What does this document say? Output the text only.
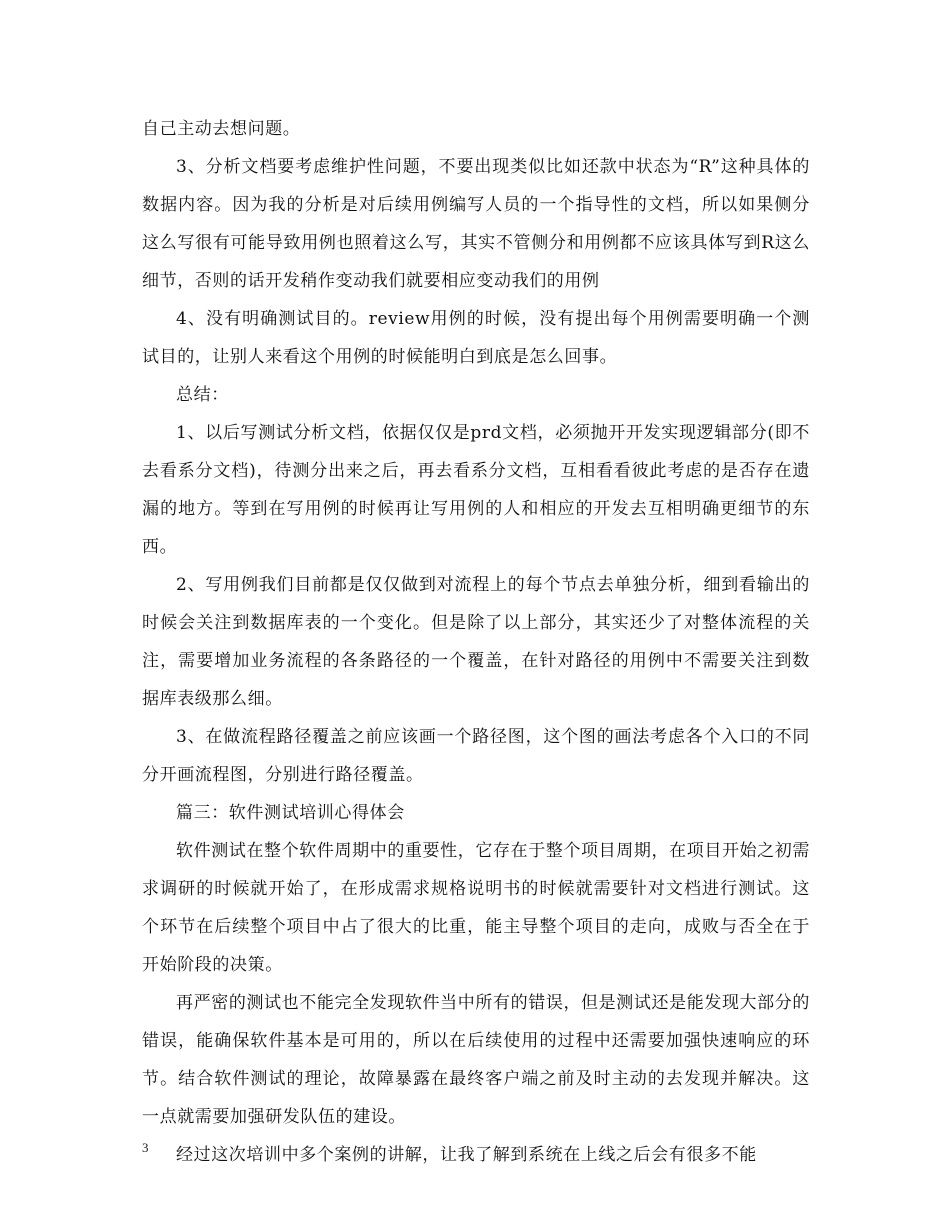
自己主动去想问题。

3、分析文档要考虑维护性问题，不要出现类似比如还款中状态为“R”这种具体的数据内容。因为我的分析是对后续用例编写人员的一个指导性的文档，所以如果侧分这么写很有可能导致用例也照着这么写，其实不管侧分和用例都不应该具体写到R这么细节，否则的话开发稍作变动我们就要相应变动我们的用例

4、没有明确测试目的。review用例的时候，没有提出每个用例需要明确一个测试目的，让别人来看这个用例的时候能明白到底是怎么回事。

总结：

1、以后写测试分析文档，依据仅仅是prd文档，必须抛开开发实现逻辑部分(即不去看系分文档)，待测分出来之后，再去看系分文档，互相看看彼此考虑的是否存在遗漏的地方。等到在写用例的时候再让写用例的人和相应的开发去互相明确更细节的东西。

2、写用例我们目前都是仅仅做到对流程上的每个节点去单独分析，细到看输出的时候会关注到数据库表的一个变化。但是除了以上部分，其实还少了对整体流程的关注，需要增加业务流程的各条路径的一个覆盖，在针对路径的用例中不需要关注到数据库表级那么细。

3、在做流程路径覆盖之前应该画一个路径图，这个图的画法考虑各个入口的不同分开画流程图，分别进行路径覆盖。

篇三：软件测试培训心得体会

软件测试在整个软件周期中的重要性，它存在于整个项目周期，在项目开始之初需求调研的时候就开始了，在形成需求规格说明书的时候就需要针对文档进行测试。这个环节在后续整个项目中占了很大的比重，能主导整个项目的走向，成败与否全在于开始阶段的决策。

再严密的测试也不能完全发现软件当中所有的错误，但是测试还是能发现大部分的错误，能确保软件基本是可用的，所以在后续使用的过程中还需要加强快速响应的环节。结合软件测试的理论，故障暴露在最终客户端之前及时主动的去发现并解决。这一点就需要加强研发队伍的建设。

经过这次培训中多个案例的讲解，让我了解到系统在上线之后会有很多不能

3
